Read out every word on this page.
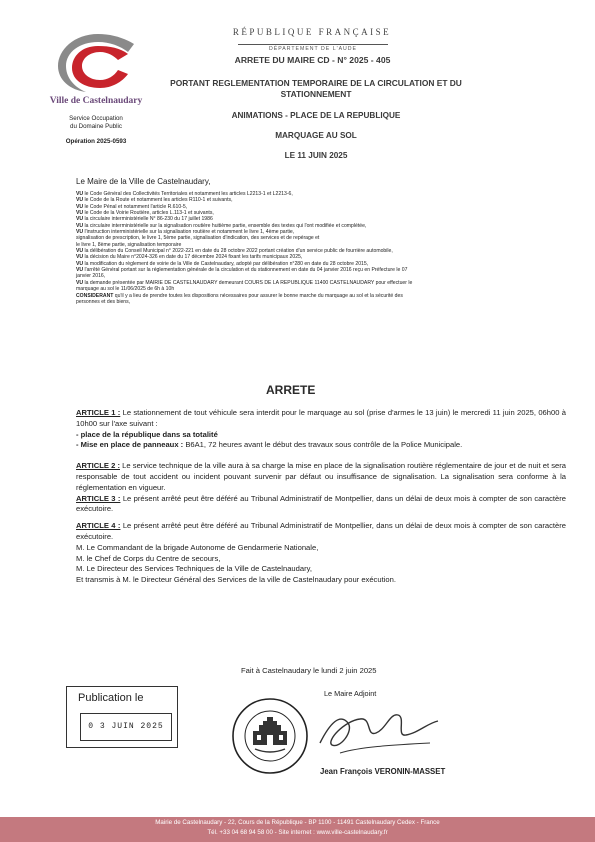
Ville de Castelnaudary
Service Occupation
du Domaine Public
Opération 2025-0593
RÉPUBLIQUE FRANÇAISE
DÉPARTEMENT DE L'AUDE
ARRETE DU MAIRE CD - N° 2025 - 405
PORTANT REGLEMENTATION TEMPORAIRE DE LA CIRCULATION ET DU
STATIONNEMENT
ANIMATIONS - PLACE DE LA REPUBLIQUE
MARQUAGE AU SOL
LE 11 JUIN 2025
Le Maire de la Ville de Castelnaudary,

VU le Code Général des Collectivités Territoriales et notamment les articles L2213-1 et L2213-6,

VU le Code de la Route et notamment les articles R110-1 et suivants,

VU le Code Pénal et notamment l'article R.610-5,

VU le Code de la Voirie Routière, articles L.113-1 et suivants,

VU la circulaire interministérielle N° 86-230 du 17 juillet 1986

VU la circulaire interministérielle sur la signalisation routière huitième partie, ensemble des textes qui l'ont modifiée et complétée,

VU l'instruction interministérielle sur la signalisation routière et notamment le livre 1, 4ème partie,

signalisation de prescription, le livre 1, 5ème partie, signalisation d'indication, des services et de repérage et

le livre 1, 8ème partie, signalisation temporaire

VU la délibération du Conseil Municipal n° 2022-221 en date du 28 octobre 2022 portant création d'un service public de fourrière automobile,

VU la décision du Maire n°2024-326 en date du 17 décembre 2024 fixant les tarifs municipaux 2025,

VU la modification du règlement de voirie de la Ville de Castelnaudary, adopté par délibération n°280 en date du 28 octobre 2015,

VU l'arrêté Général portant sur la réglementation générale de la circulation et du stationnement en date du 04 janvier 2016 reçu en Préfecture le 07

janvier 2016,

VU la demande présentée par MAIRIE DE CASTELNAUDARY demeurant COURS DE LA REPUBLIQUE 11400 CASTELNAUDARY pour effectuer le

marquage au sol le 11/06/2025 de 6h à 10h

CONSIDERANT qu'il y a lieu de prendre toutes les dispositions nécessaires pour assurer le bonne marche du marquage au sol et la sécurité des

personnes et des biens,

ARRETE

ARTICLE 1 : Le stationnement de tout véhicule sera interdit pour le marquage au sol (prise d'armes le 13 juin) le mercredi 11 juin 2025, 06h00 à 10h00 sur l'axe suivant :

- place de la république dans sa totalité

- Mise en place de panneaux : B6A1, 72 heures avant le début des travaux sous contrôle de la Police Municipale.

ARTICLE 2 : Le service technique de la ville aura à sa charge la mise en place de la signalisation routière réglementaire de jour et de nuit et sera responsable de tout accident ou incident pouvant survenir par défaut ou insuffisance de signalisation. La signalisation sera conforme à la réglementation en vigueur.

ARTICLE 3 : Le présent arrêté peut être déféré au Tribunal Administratif de Montpellier, dans un délai de deux mois à compter de son caractère exécutoire.

ARTICLE 4 : Le présent arrêté peut être déféré au Tribunal Administratif de Montpellier, dans un délai de deux mois à compter de son caractère exécutoire.

M. Le Commandant de la brigade Autonome de Gendarmerie Nationale,

M. le Chef de Corps du Centre de secours,

M. Le Directeur des Services Techniques de la Ville de Castelnaudary,

Et transmis à M. le Directeur Général des Services de la ville de Castelnaudary pour exécution.

Fait à Castelnaudary le lundi 2 juin 2025
Le Maire Adjoint
Publication le
0 3 JUIN 2025
Jean François VERONIN-MASSET
Mairie de Castelnaudary - 22, Cours de la République - BP 1100 - 11491 Castelnaudary Cedex - France
Tél. +33 04 68 94 58 00 - Site internet : www.ville-castelnaudary.fr
